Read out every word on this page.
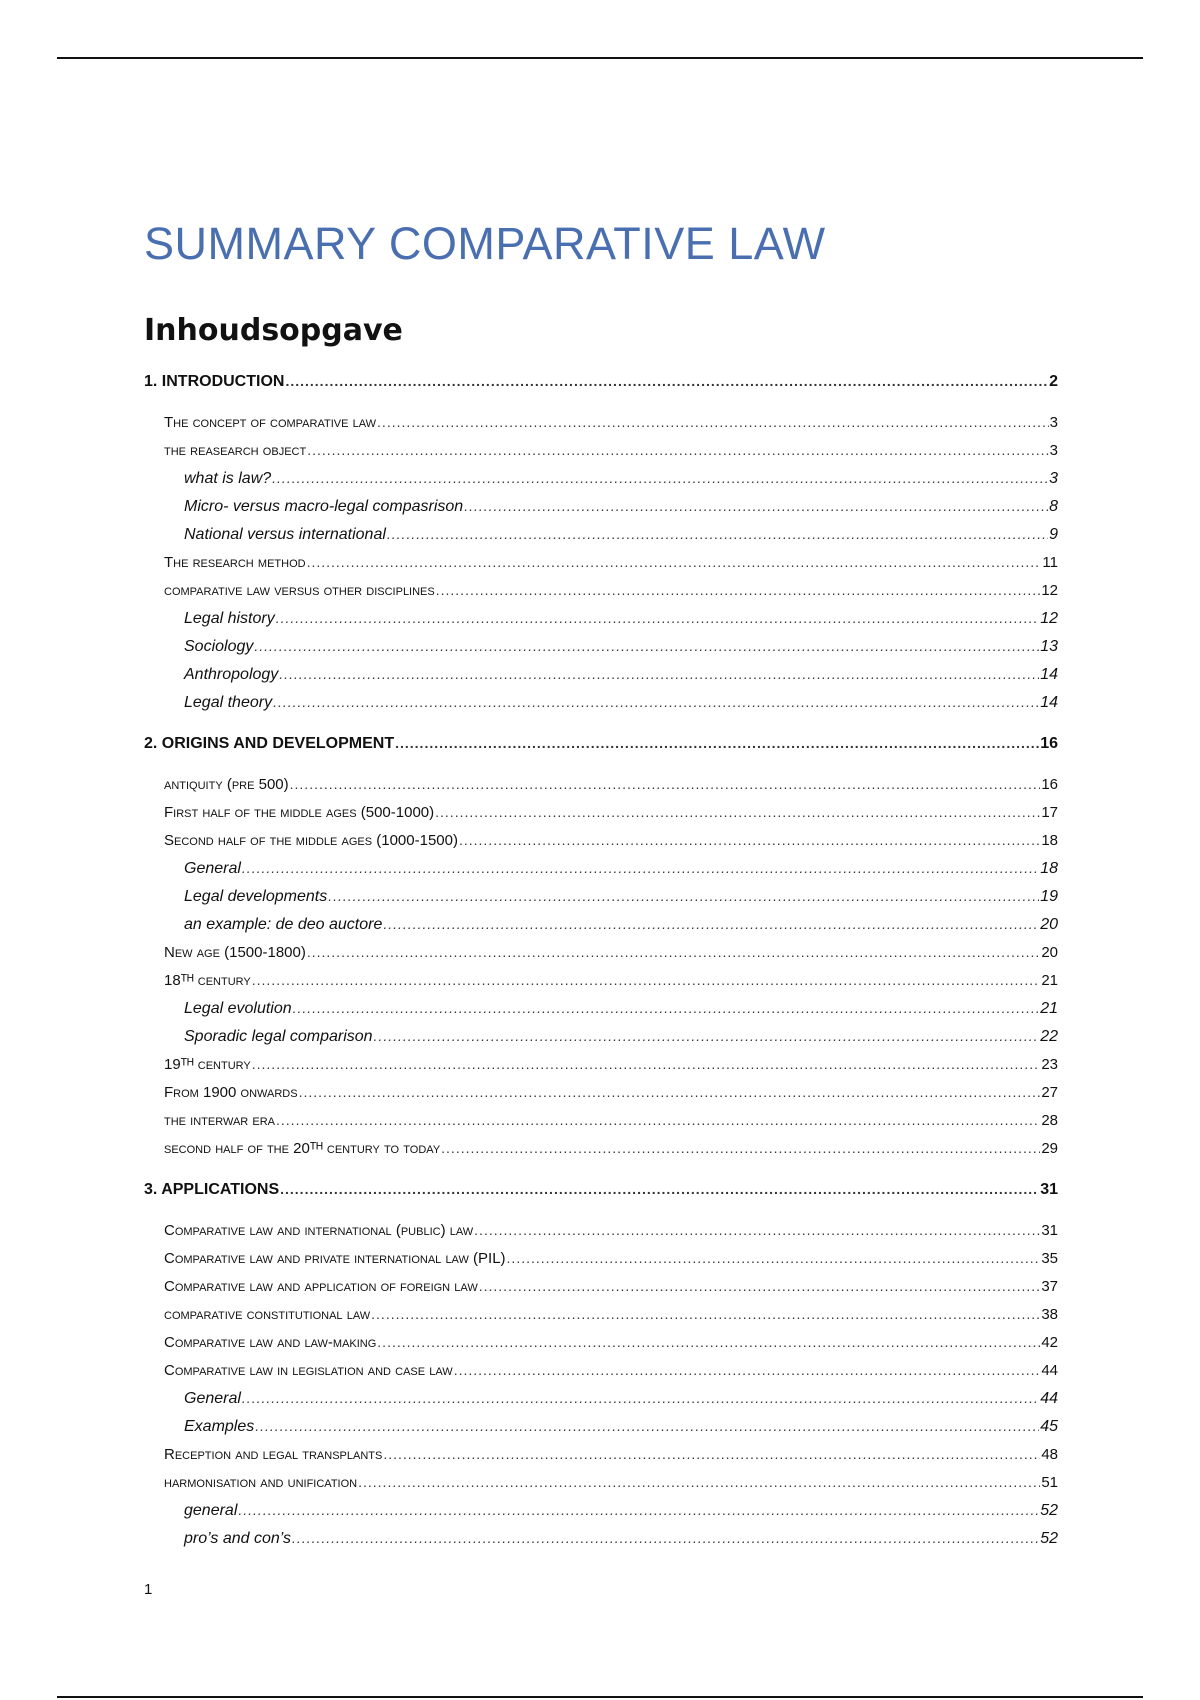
SUMMARY COMPARATIVE LAW
Inhoudsopgave
1. INTRODUCTION .....	2
The concept of comparative law .....	3
the reasearch object .....	3
what is law? .....	3
Micro- versus macro-legal compasrison .....	8
National versus international .....	9
The research method .....	11
comparative law versus other disciplines .....	12
Legal history .....	12
Sociology .....	13
Anthropology .....	14
Legal theory .....	14
2. ORIGINS AND DEVELOPMENT .....	16
antiquity (pre 500) .....	16
First half of the middle ages (500-1000) .....	17
Second half of the middle ages (1000-1500) .....	18
General .....	18
Legal developments .....	19
an example: de deo auctore .....	20
New age (1500-1800) .....	20
18ᵀᴴ century .....	21
Legal evolution .....	21
Sporadic legal comparison .....	22
19ᵀᴴ century .....	23
From 1900 onwards .....	27
the interwar era .....	28
second half of the 20ᵀᴴ century to today .....	29
3. APPLICATIONS .....	31
Comparative law and international (public) law .....	31
Comparative law and private international law (PIL) .....	35
Comparative law and application of foreign law .....	37
comparative constitutional law .....	38
Comparative law and law-making .....	42
Comparative law in legislation and case law .....	44
General .....	44
Examples .....	45
Reception and legal transplants .....	48
harmonisation and unification .....	51
general .....	52
pro’s and con’s .....	52
1
